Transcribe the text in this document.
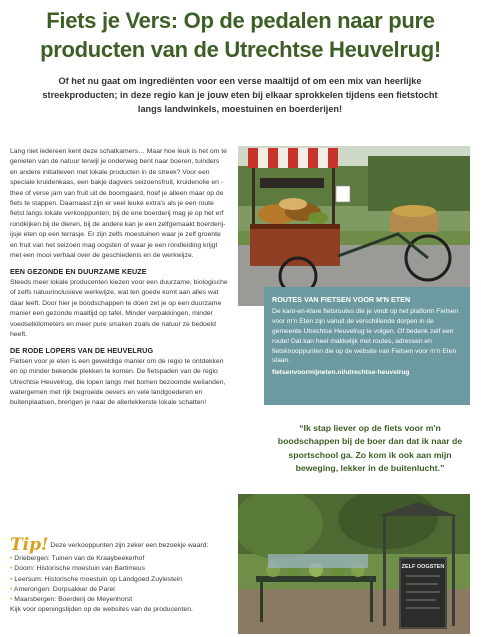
Fiets je Vers: Op de pedalen naar pure
producten van de Utrechtse Heuvelrug!
Of het nu gaat om ingrediënten voor een verse maaltijd of om een mix van heerlijke streekproducten; in deze regio kan je jouw eten bij elkaar sprokkelen tijdens een fietstocht langs landwinkels, moestuinen en boerderijen!

Lang niet iedereen kent deze schatkamers… Maar hoe leuk is het om te genieten van de natuur terwijl je onderweg bent naar boeren, tuinders en andere initiatieven met lokale producten in de streek? Voor een speciale kruidenkaas, een bakje dagvers seizoensfruit, kruidenolie en -thee of verse jam van fruit uit de boomgaard, hoef je alleen maar op de fiets te stappen. Daarnaast zijn er veel leuke extra's als je een route fietst langs lokale verkooppunten; bij de ene boerderij mag je op het erf rondkijken bij de dieren, bij de andere kan je een zelfgemaakt boerderij-ijsje eten op een terrasje. Er zijn zelfs moestuinen waar je zelf groente en fruit van het seizoen mag oogsten of waar je een rondleiding krijgt met een mooi verhaal over de geschiedenis en de werkwijze.

EEN GEZONDE EN DUURZAME KEUZE

Steeds meer lokale producenten kiezen voor een duurzame, biologische of zelfs natuurinclusieve werkwijze, wat ten goede komt aan alles wat daar leeft. Door hier je boodschappen te doen zet je op een duurzame manier een gezonde maaltijd op tafel. Minder verpakkingen, minder voedselkilometers en meer pure smaken zoals de natuur ze bedoeld heeft.

DE RODE LOPERS VAN DE HEUVELRUG

Fietsen voor je eten is een geweldige manier om de regio te ontdekken en op minder bekende plekken te komen. De fietspaden van de regio Utrechtse Heuvelrug, die lopen langs met bomen bezoomde weilanden, watergemen met rijk begroeide oevers en vele landgoederen en buitenplaatsen, brengen je naar de allerlekkerste lokale schatten!

ROUTES VAN FIETSEN VOOR M'N ETEN
De kant-en-klare fietsroutes die je vindt op het platform Fietsen voor m'n Eten zijn vanuit de verschillende dorpen in de gemeente Utrechtse Heuvelrug te volgen. Of bedenk zelf een route! Dat kan heel makkelijk met routes, adressen en fietsknooppunten die op de website van Fietsen voor m'n Eten staan.
fietsenvoormijneten.nl/utrechtse-heuvelrug
“Ik stap liever op de fiets voor m'n boodschappen bij de boer dan dat ik naar de sportschool ga. Zo kom ik ook aan mijn beweging, lekker in de buitenlucht.”
ZELF OOGSTEN
Tip! Deze verkooppunten zijn zeker een bezoekje waard:
• Driebergen: Tuinen van de Kraaybeekerhof
• Doorn: Historische moestuin van Bartimeus
• Leersum: Historische moestuin op Landgoed Zuylestein
• Amerongen: Dorpsakker de Parel
• Maarsbergen: Boerderij de Meyenhorst
Kijk voor openingstijden op de websites van de producenten.
